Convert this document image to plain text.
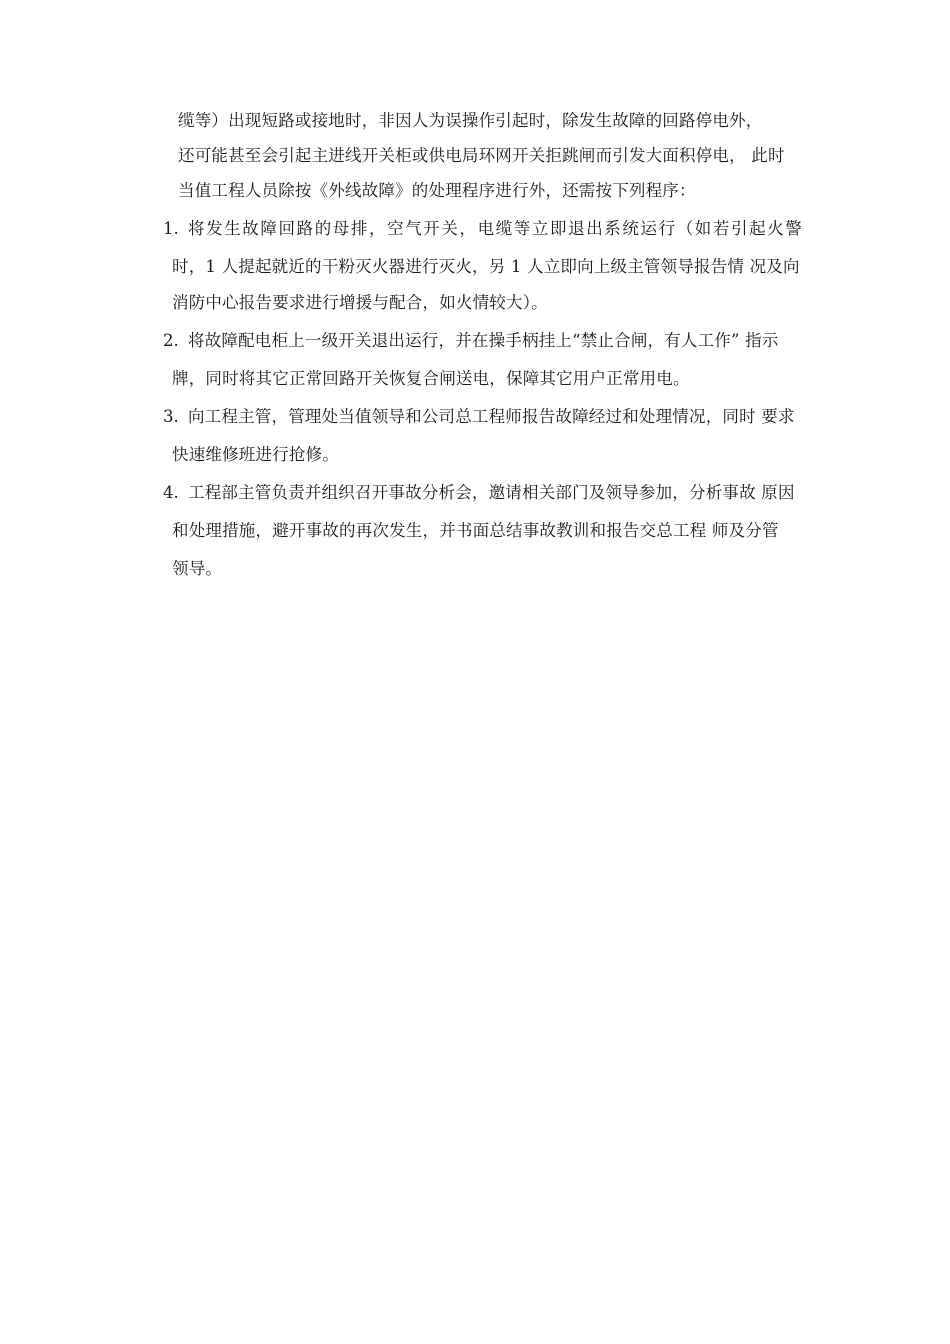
缆等）出现短路或接地时，非因人为误操作引起时，除发生故障的回路停电外，
还可能甚至会引起主进线开关柜或供电局环网开关拒跳闸而引发大面积停电， 此时
当值工程人员除按《外线故障》的处理程序进行外，还需按下列程序：
1. 将发生故障回路的母排，空气开关，电缆等立即退出系统运行（如若引起火警
时，1 人提起就近的干粉灭火器进行灭火，另 1 人立即向上级主管领导报告情 况及向
消防中心报告要求进行增援与配合，如火情较大）。
2. 将故障配电柜上一级开关退出运行，并在操手柄挂上“禁止合闸，有人工作” 指示
牌，同时将其它正常回路开关恢复合闸送电，保障其它用户正常用电。
3. 向工程主管，管理处当值领导和公司总工程师报告故障经过和处理情况，同时 要求
快速维修班进行抢修。
4. 工程部主管负责并组织召开事故分析会，邀请相关部门及领导参加，分析事故 原因
和处理措施，避开事故的再次发生，并书面总结事故教训和报告交总工程 师及分管
领导。
